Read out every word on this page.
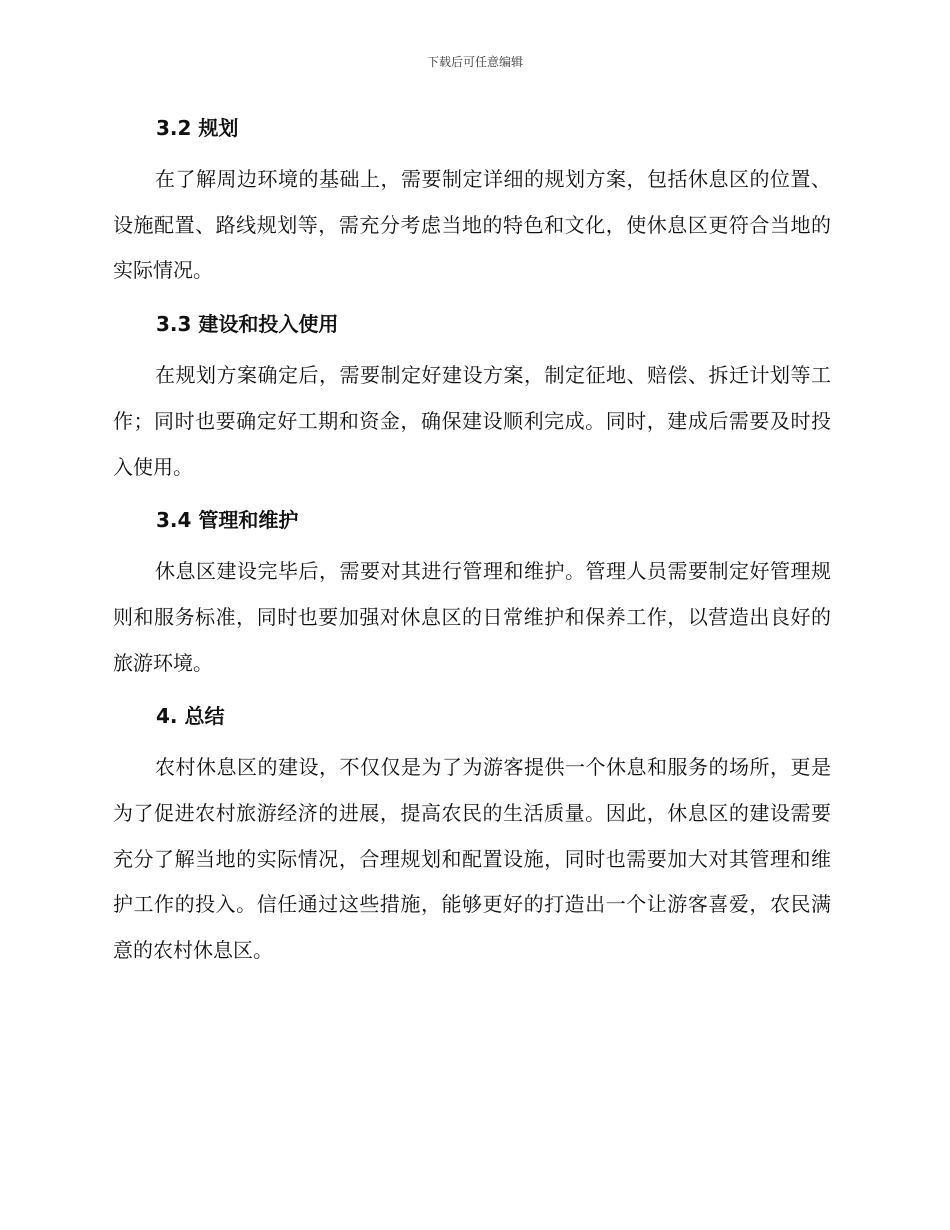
下载后可任意编辑
3.2 规划

在了解周边环境的基础上，需要制定详细的规划方案，包括休息区的位置、设施配置、路线规划等，需充分考虑当地的特色和文化，使休息区更符合当地的实际情况。

3.3 建设和投入使用

在规划方案确定后，需要制定好建设方案，制定征地、赔偿、拆迁计划等工作；同时也要确定好工期和资金，确保建设顺利完成。同时，建成后需要及时投入使用。

3.4 管理和维护

休息区建设完毕后，需要对其进行管理和维护。管理人员需要制定好管理规则和服务标准，同时也要加强对休息区的日常维护和保养工作，以营造出良好的旅游环境。

4. 总结

农村休息区的建设，不仅仅是为了为游客提供一个休息和服务的场所，更是为了促进农村旅游经济的进展，提高农民的生活质量。因此，休息区的建设需要充分了解当地的实际情况，合理规划和配置设施，同时也需要加大对其管理和维护工作的投入。信任通过这些措施，能够更好的打造出一个让游客喜爱，农民满意的农村休息区。
